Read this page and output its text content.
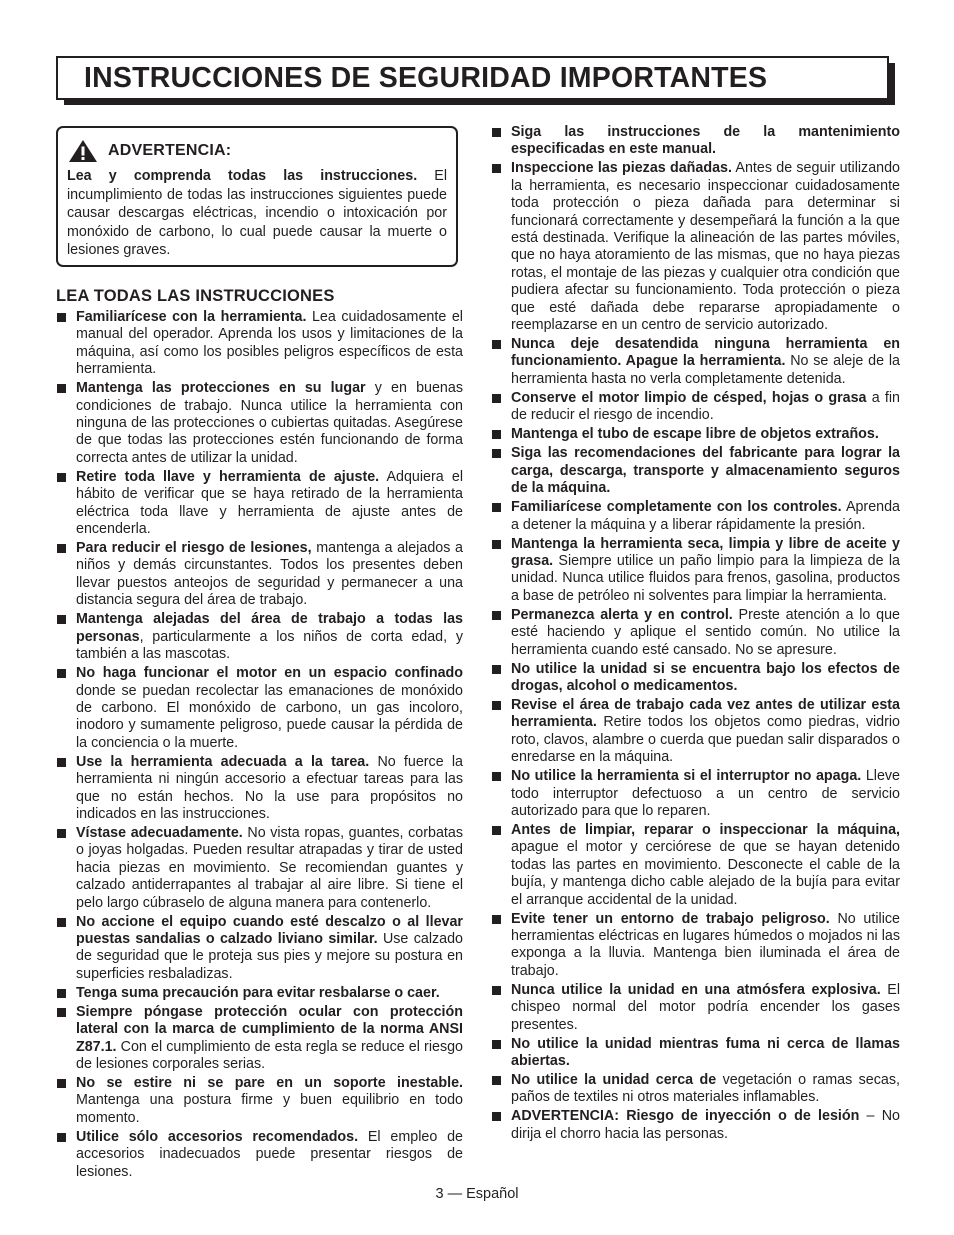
INSTRUCCIONES DE SEGURIDAD IMPORTANTES
ADVERTENCIA:
Lea y comprenda todas las instrucciones. El incumplimiento de todas las instrucciones siguientes puede causar descargas eléctricas, incendio o intoxicación por monóxido de carbono, lo cual puede causar la muerte o lesiones graves.
LEA TODAS LAS INSTRUCCIONES
Familiarícese con la herramienta. Lea cuidadosamente el manual del operador. Aprenda los usos y limitaciones de la máquina, así como los posibles peligros específicos de esta herramienta.
Mantenga las protecciones en su lugar y en buenas condiciones de trabajo. Nunca utilice la herramienta con ninguna de las protecciones o cubiertas quitadas. Asegúrese de que todas las protecciones estén funcionando de forma correcta antes de utilizar la unidad.
Retire toda llave y herramienta de ajuste. Adquiera el hábito de verificar que se haya retirado de la herramienta eléctrica toda llave y herramienta de ajuste antes de encenderla.
Para reducir el riesgo de lesiones, mantenga a alejados a niños y demás circunstantes. Todos los presentes deben llevar puestos anteojos de seguridad y permanecer a una distancia segura del área de trabajo.
Mantenga alejadas del área de trabajo a todas las personas, particularmente a los niños de corta edad, y también a las mascotas.
No haga funcionar el motor en un espacio confinado donde se puedan recolectar las emanaciones de monóxido de carbono. El monóxido de carbono, un gas incoloro, inodoro y sumamente peligroso, puede causar la pérdida de la conciencia o la muerte.
Use la herramienta adecuada a la tarea. No fuerce la herramienta ni ningún accesorio a efectuar tareas para las que no están hechos. No la use para propósitos no indicados en las instrucciones.
Vístase adecuadamente. No vista ropas, guantes, corbatas o joyas holgadas. Pueden resultar atrapadas y tirar de usted hacia piezas en movimiento. Se recomiendan guantes y calzado antiderrapantes al trabajar al aire libre. Si tiene el pelo largo cúbraselo de alguna manera para contenerlo.
No accione el equipo cuando esté descalzo o al llevar puestas sandalias o calzado liviano similar. Use calzado de seguridad que le proteja sus pies y mejore su postura en superficies resbaladizas.
Tenga suma precaución para evitar resbalarse o caer.
Siempre póngase protección ocular con protección lateral con la marca de cumplimiento de la norma ANSI Z87.1. Con el cumplimiento de esta regla se reduce el riesgo de lesiones corporales serias.
No se estire ni se pare en un soporte inestable. Mantenga una postura firme y buen equilibrio en todo momento.
Utilice sólo accesorios recomendados. El empleo de accesorios inadecuados puede presentar riesgos de lesiones.
Siga las instrucciones de la mantenimiento especificadas en este manual.
Inspeccione las piezas dañadas. Antes de seguir utilizando la herramienta, es necesario inspeccionar cuidadosamente toda protección o pieza dañada para determinar si funcionará correctamente y desempeñará la función a la que está destinada. Verifique la alineación de las partes móviles, que no haya atoramiento de las mismas, que no haya piezas rotas, el montaje de las piezas y cualquier otra condición que pudiera afectar su funcionamiento. Toda protección o pieza que esté dañada debe repararse apropiadamente o reemplazarse en un centro de servicio autorizado.
Nunca deje desatendida ninguna herramienta en funcionamiento. Apague la herramienta. No se aleje de la herramienta hasta no verla completamente detenida.
Conserve el motor limpio de césped, hojas o grasa a fin de reducir el riesgo de incendio.
Mantenga el tubo de escape libre de objetos extraños.
Siga las recomendaciones del fabricante para lograr la carga, descarga, transporte y almacenamiento seguros de la máquina.
Familiarícese completamente con los controles. Aprenda a detener la máquina y a liberar rápidamente la presión.
Mantenga la herramienta seca, limpia y libre de aceite y grasa. Siempre utilice un paño limpio para la limpieza de la unidad. Nunca utilice fluidos para frenos, gasolina, productos a base de petróleo ni solventes para limpiar la herramienta.
Permanezca alerta y en control. Preste atención a lo que esté haciendo y aplique el sentido común. No utilice la herramienta cuando esté cansado. No se apresure.
No utilice la unidad si se encuentra bajo los efectos de drogas, alcohol o medicamentos.
Revise el área de trabajo cada vez antes de utilizar esta herramienta. Retire todos los objetos como piedras, vidrio roto, clavos, alambre o cuerda que puedan salir disparados o enredarse en la máquina.
No utilice la herramienta si el interruptor no apaga. Lleve todo interruptor defectuoso a un centro de servicio autorizado para que lo reparen.
Antes de limpiar, reparar o inspeccionar la máquina, apague el motor y cerciórese de que se hayan detenido todas las partes en movimiento. Desconecte el cable de la bujía, y mantenga dicho cable alejado de la bujía para evitar el arranque accidental de la unidad.
Evite tener un entorno de trabajo peligroso. No utilice herramientas eléctricas en lugares húmedos o mojados ni las exponga a la lluvia. Mantenga bien iluminada el área de trabajo.
Nunca utilice la unidad en una atmósfera explosiva. El chispeo normal del motor podría encender los gases presentes.
No utilice la unidad mientras fuma ni cerca de llamas abiertas.
No utilice la unidad cerca de vegetación o ramas secas, paños de textiles ni otros materiales inflamables.
ADVERTENCIA: Riesgo de inyección o de lesión – No dirija el chorro hacia las personas.
3 — Español
